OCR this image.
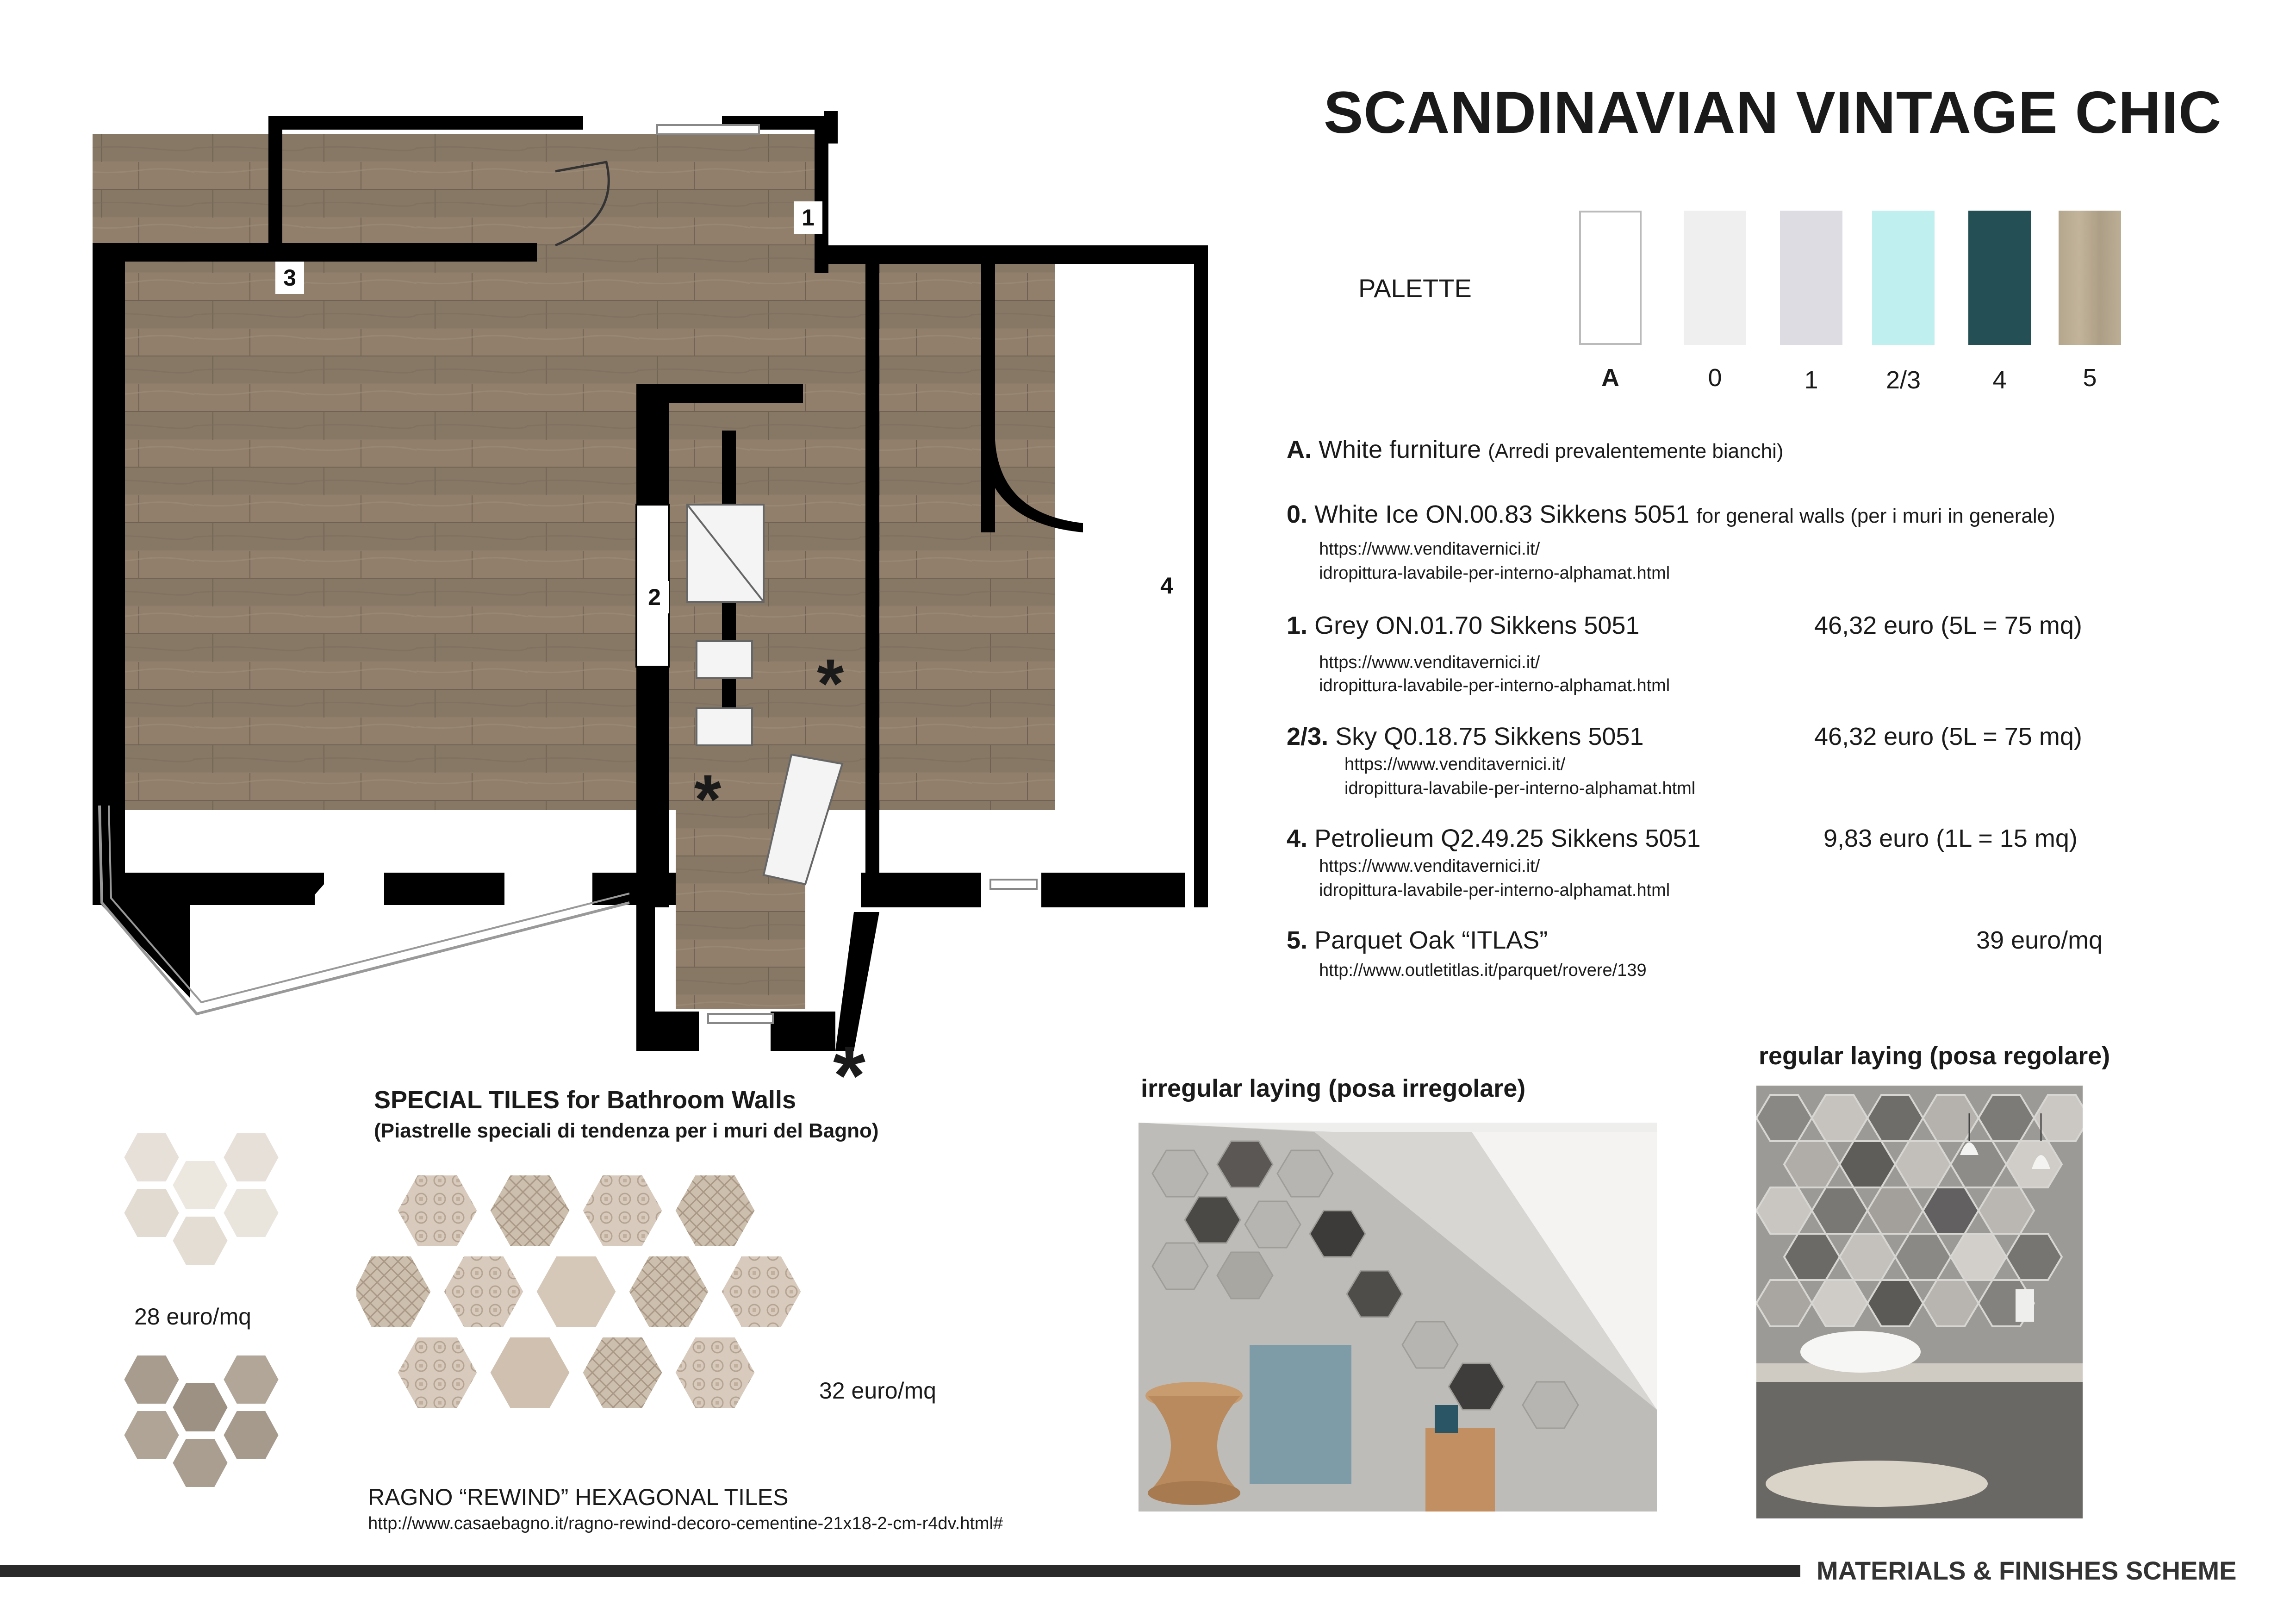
1
2
3
4
*
*
SCANDINAVIAN VINTAGE CHIC
PALETTE
A	0	1	2/3	4	5
A. White furniture (Arredi prevalentemente bianchi)
0. White Ice ON.00.83 Sikkens 5051 for general walls (per i muri in generale)
https://www.venditavernici.it/
idropittura-lavabile-per-interno-alphamat.html
1. Grey ON.01.70 Sikkens 5051	46,32 euro (5L = 75 mq)
https://www.venditavernici.it/
idropittura-lavabile-per-interno-alphamat.html
2/3. Sky Q0.18.75 Sikkens 5051	46,32 euro (5L = 75 mq)
https://www.venditavernici.it/
idropittura-lavabile-per-interno-alphamat.html
4. Petrolieum Q2.49.25 Sikkens 5051	9,83 euro (1L = 15 mq)
https://www.venditavernici.it/
idropittura-lavabile-per-interno-alphamat.html
5. Parquet Oak “ITLAS”	39 euro/mq
http://www.outletitlas.it/parquet/rovere/139
SPECIAL TILES for Bathroom Walls *
(Piastrelle speciali di tendenza per i muri del Bagno)
28 euro/mq
32 euro/mq
RAGNO “REWIND” HEXAGONAL TILES
http://www.casaebagno.it/ragno-rewind-decoro-cementine-21x18-2-cm-r4dv.html#
irregular laying (posa irregolare)
regular laying (posa regolare)
MATERIALS & FINISHES SCHEME
